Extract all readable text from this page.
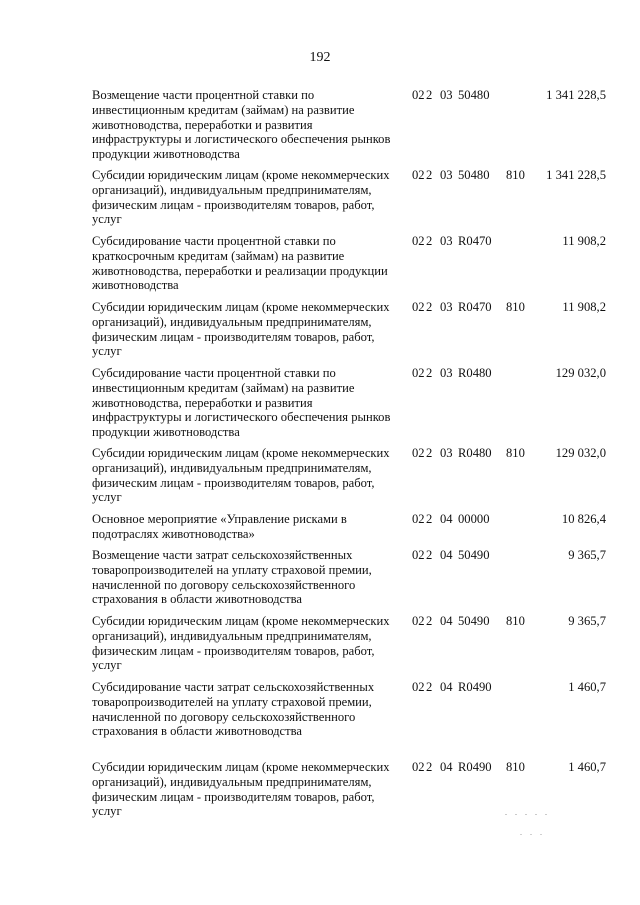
192
Возмещение части процентной ставки по инвестиционным кредитам (займам) на развитие животноводства, переработки и развития инфраструктуры и логистического обеспечения рынков продукции животноводства
022 03 50480	1 341 228,5
Субсидии юридическим лицам (кроме некоммерческих организаций), индивидуальным предпринимателям, физическим лицам - производителям товаров, работ, услуг
022 03 50480 810	1 341 228,5
Субсидирование части процентной ставки по краткосрочным кредитам (займам) на развитие животноводства, переработки и реализации продукции животноводства
022 03 R0470	11 908,2
Субсидии юридическим лицам (кроме некоммерческих организаций), индивидуальным предпринимателям, физическим лицам - производителям товаров, работ, услуг
022 03 R0470 810	11 908,2
Субсидирование части процентной ставки по инвестиционным кредитам (займам) на развитие животноводства, переработки и развития инфраструктуры и логистического обеспечения рынков продукции животноводства
022 03 R0480	129 032,0
Субсидии юридическим лицам (кроме некоммерческих организаций), индивидуальным предпринимателям, физическим лицам - производителям товаров, работ, услуг
022 03 R0480 810	129 032,0
Основное мероприятие «Управление рисками в подотраслях животноводства»
022 04 00000	10 826,4
Возмещение части затрат сельскохозяйственных товаропроизводителей на уплату страховой премии, начисленной по договору сельскохозяйственного страхования в области животноводства
022 04 50490	9 365,7
Субсидии юридическим лицам (кроме некоммерческих организаций), индивидуальным предпринимателям, физическим лицам - производителям товаров, работ, услуг
022 04 50490 810	9 365,7
Субсидирование части затрат сельскохозяйственных товаропроизводителей на уплату страховой премии, начисленной по договору сельскохозяйственного страхования в области животноводства
022 04 R0490	1 460,7
Субсидии юридическим лицам (кроме некоммерческих организаций), индивидуальным предпринимателям, физическим лицам - производителям товаров, работ, услуг
022 04 R0490 810	1 460,7
. . . . .
. . .
